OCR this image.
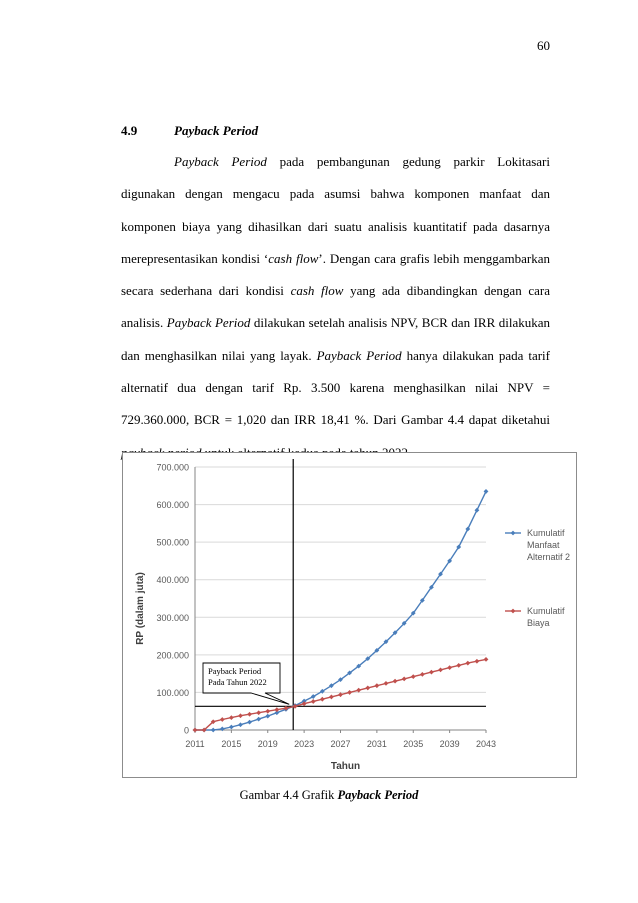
60
4.9	Payback Period

Payback Period pada pembangunan gedung parkir Lokitasari digunakan dengan mengacu pada asumsi bahwa komponen manfaat dan komponen biaya yang dihasilkan dari suatu analisis kuantitatif pada dasarnya merepresentasikan kondisi ‘cash flow’. Dengan cara grafis lebih menggambarkan secara sederhana dari kondisi cash flow yang ada dibandingkan dengan cara analisis. Payback Period dilakukan setelah analisis NPV, BCR dan IRR dilakukan dan menghasilkan nilai yang layak. Payback Period hanya dilakukan pada tarif alternatif dua dengan tarif Rp. 3.500 karena menghasilkan nilai NPV = 729.360.000, BCR = 1,020 dan IRR 18,41 %. Dari Gambar 4.4 dapat diketahui

0
100.000
200.000
300.000
400.000
500.000
600.000
700.000
2011 2015 2019 2023 2027 2031 2035 2039 2043
Tahun
RP (dalam juta)
Payback Period
Pada Tahun 2022
Kumulatif
Manfaat
Alternatif 2
Kumulatif
Biaya
Gambar 4.4 Grafik Payback Period
